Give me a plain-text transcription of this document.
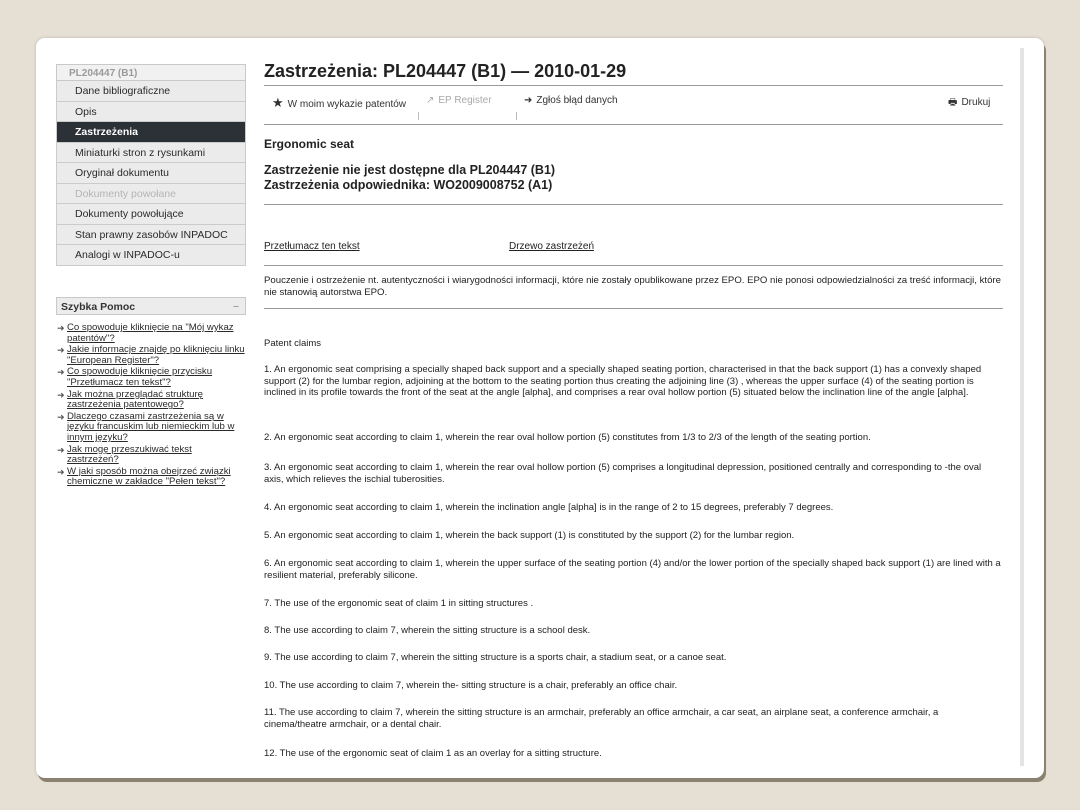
PL204447 (B1)
Dane bibliograficzne
Opis
Zastrzeżenia
Miniaturki stron z rysunkami
Oryginał dokumentu
Dokumenty powołane
Dokumenty powołujące
Stan prawny zasobów INPADOC
Analogi w INPADOC-u
Szybka Pomoc	−
➜ Co spowoduje kliknięcie na "Mój wykaz patentów"?
➜ Jakie informacje znajdę po kliknięciu linku "European Register"?
➜ Co spowoduje kliknięcie przycisku "Przetłumacz ten tekst"?
➜ Jak można przeglądać strukturę zastrzeżenia patentowego?
➜ Dlaczego czasami zastrzeżenia są w języku francuskim lub niemieckim lub w innym języku?
➜ Jak mogę przeszukiwać tekst zastrzeżeń?
➜ W jaki sposób można obejrzeć związki chemiczne w zakładce "Pełen tekst"?
Zastrzeżenia: PL204447 (B1) — 2010-01-29
★ W moim wykazie patentów ↗ EP Register	➜ Zgłoś błąd danych	🖶 Drukuj
Ergonomic seat
Zastrzeżenie nie jest dostępne dla PL204447 (B1)
Zastrzeżenia odpowiednika: WO2009008752 (A1)
Przetłumacz ten tekst	Drzewo zastrzeżeń
Pouczenie i ostrzeżenie nt. autentyczności i wiarygodności informacji, które nie zostały opublikowane przez EPO. EPO nie ponosi odpowiedzialności za treść informacji, które nie stanowią autorstwa EPO.

Patent claims

1. An ergonomic seat comprising a specially shaped back support and a specially shaped seating portion, characterised in that the back support (1) has a convexly shaped support (2) for the lumbar region, adjoining at the bottom to the seating portion thus creating the adjoining line (3) , whereas the upper surface (4) of the seating portion is inclined in its profile towards the front of the seat at the angle [alpha], and comprises a rear oval hollow portion (5) situated below the inclination line of the angle [alpha].

2. An ergonomic seat according to claim 1, wherein the rear oval hollow portion (5) constitutes from 1/3 to 2/3 of the length of the seating portion.

3. An ergonomic seat according to claim 1, wherein the rear oval hollow portion (5) comprises a longitudinal depression, positioned centrally and corresponding to -the oval axis, which relieves the ischial tuberosities.

4. An ergonomic seat according to claim 1, wherein the inclination angle [alpha] is in the range of 2 to 15 degrees, preferably 7 degrees.

5. An ergonomic seat according to claim 1, wherein the back support (1) is constituted by the support (2) for the lumbar region.

6. An ergonomic seat according to claim 1, wherein the upper surface of the seating portion (4) and/or the lower portion of the specially shaped back support (1) are lined with a resilient material, preferably silicone.

7. The use of the ergonomic seat of claim 1 in sitting structures .

8. The use according to claim 7, wherein the sitting structure is a school desk.

9. The use according to claim 7, wherein the sitting structure is a sports chair, a stadium seat, or a canoe seat.

10. The use according to claim 7, wherein the- sitting structure is a chair, preferably an office chair.

11. The use according to claim 7, wherein the sitting structure is an armchair, preferably an office armchair, a car seat, an airplane seat, a conference armchair, a cinema/theatre armchair, or a dental chair.

12. The use of the ergonomic seat of claim 1 as an overlay for a sitting structure.
